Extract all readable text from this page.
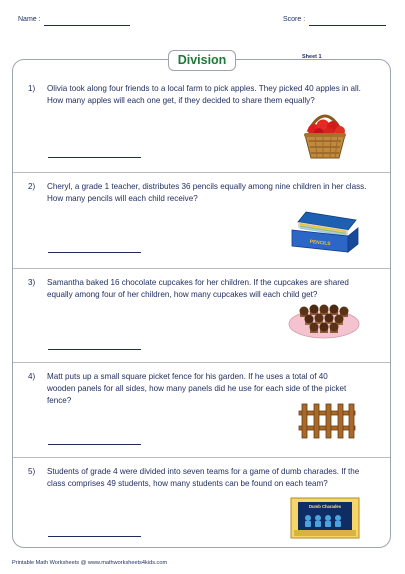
Name :	Score :
Division	Sheet 1
1)	Olivia took along four friends to a local farm to pick apples. They picked 40 apples in all. How many apples will each one get, if they decided to share them equally?
2)	Cheryl, a grade 1 teacher, distributes 36 pencils equally among nine children in her class. How many pencils will each child receive?
PENCILS
3)	Samantha baked 16 chocolate cupcakes for her children. If the cupcakes are shared equally among four of her children, how many cupcakes will each child get?
4)	Matt puts up a small square picket fence for his garden. If he uses a total of 40 wooden panels for all sides, how many panels did he use for each side of the picket fence?
5)	Students of grade 4 were divided into seven teams for a game of dumb charades. If the class comprises 49 students, how many students can be found on each team?
Dumb Charades
Printable Math Worksheets @ www.mathworksheets4kids.com
